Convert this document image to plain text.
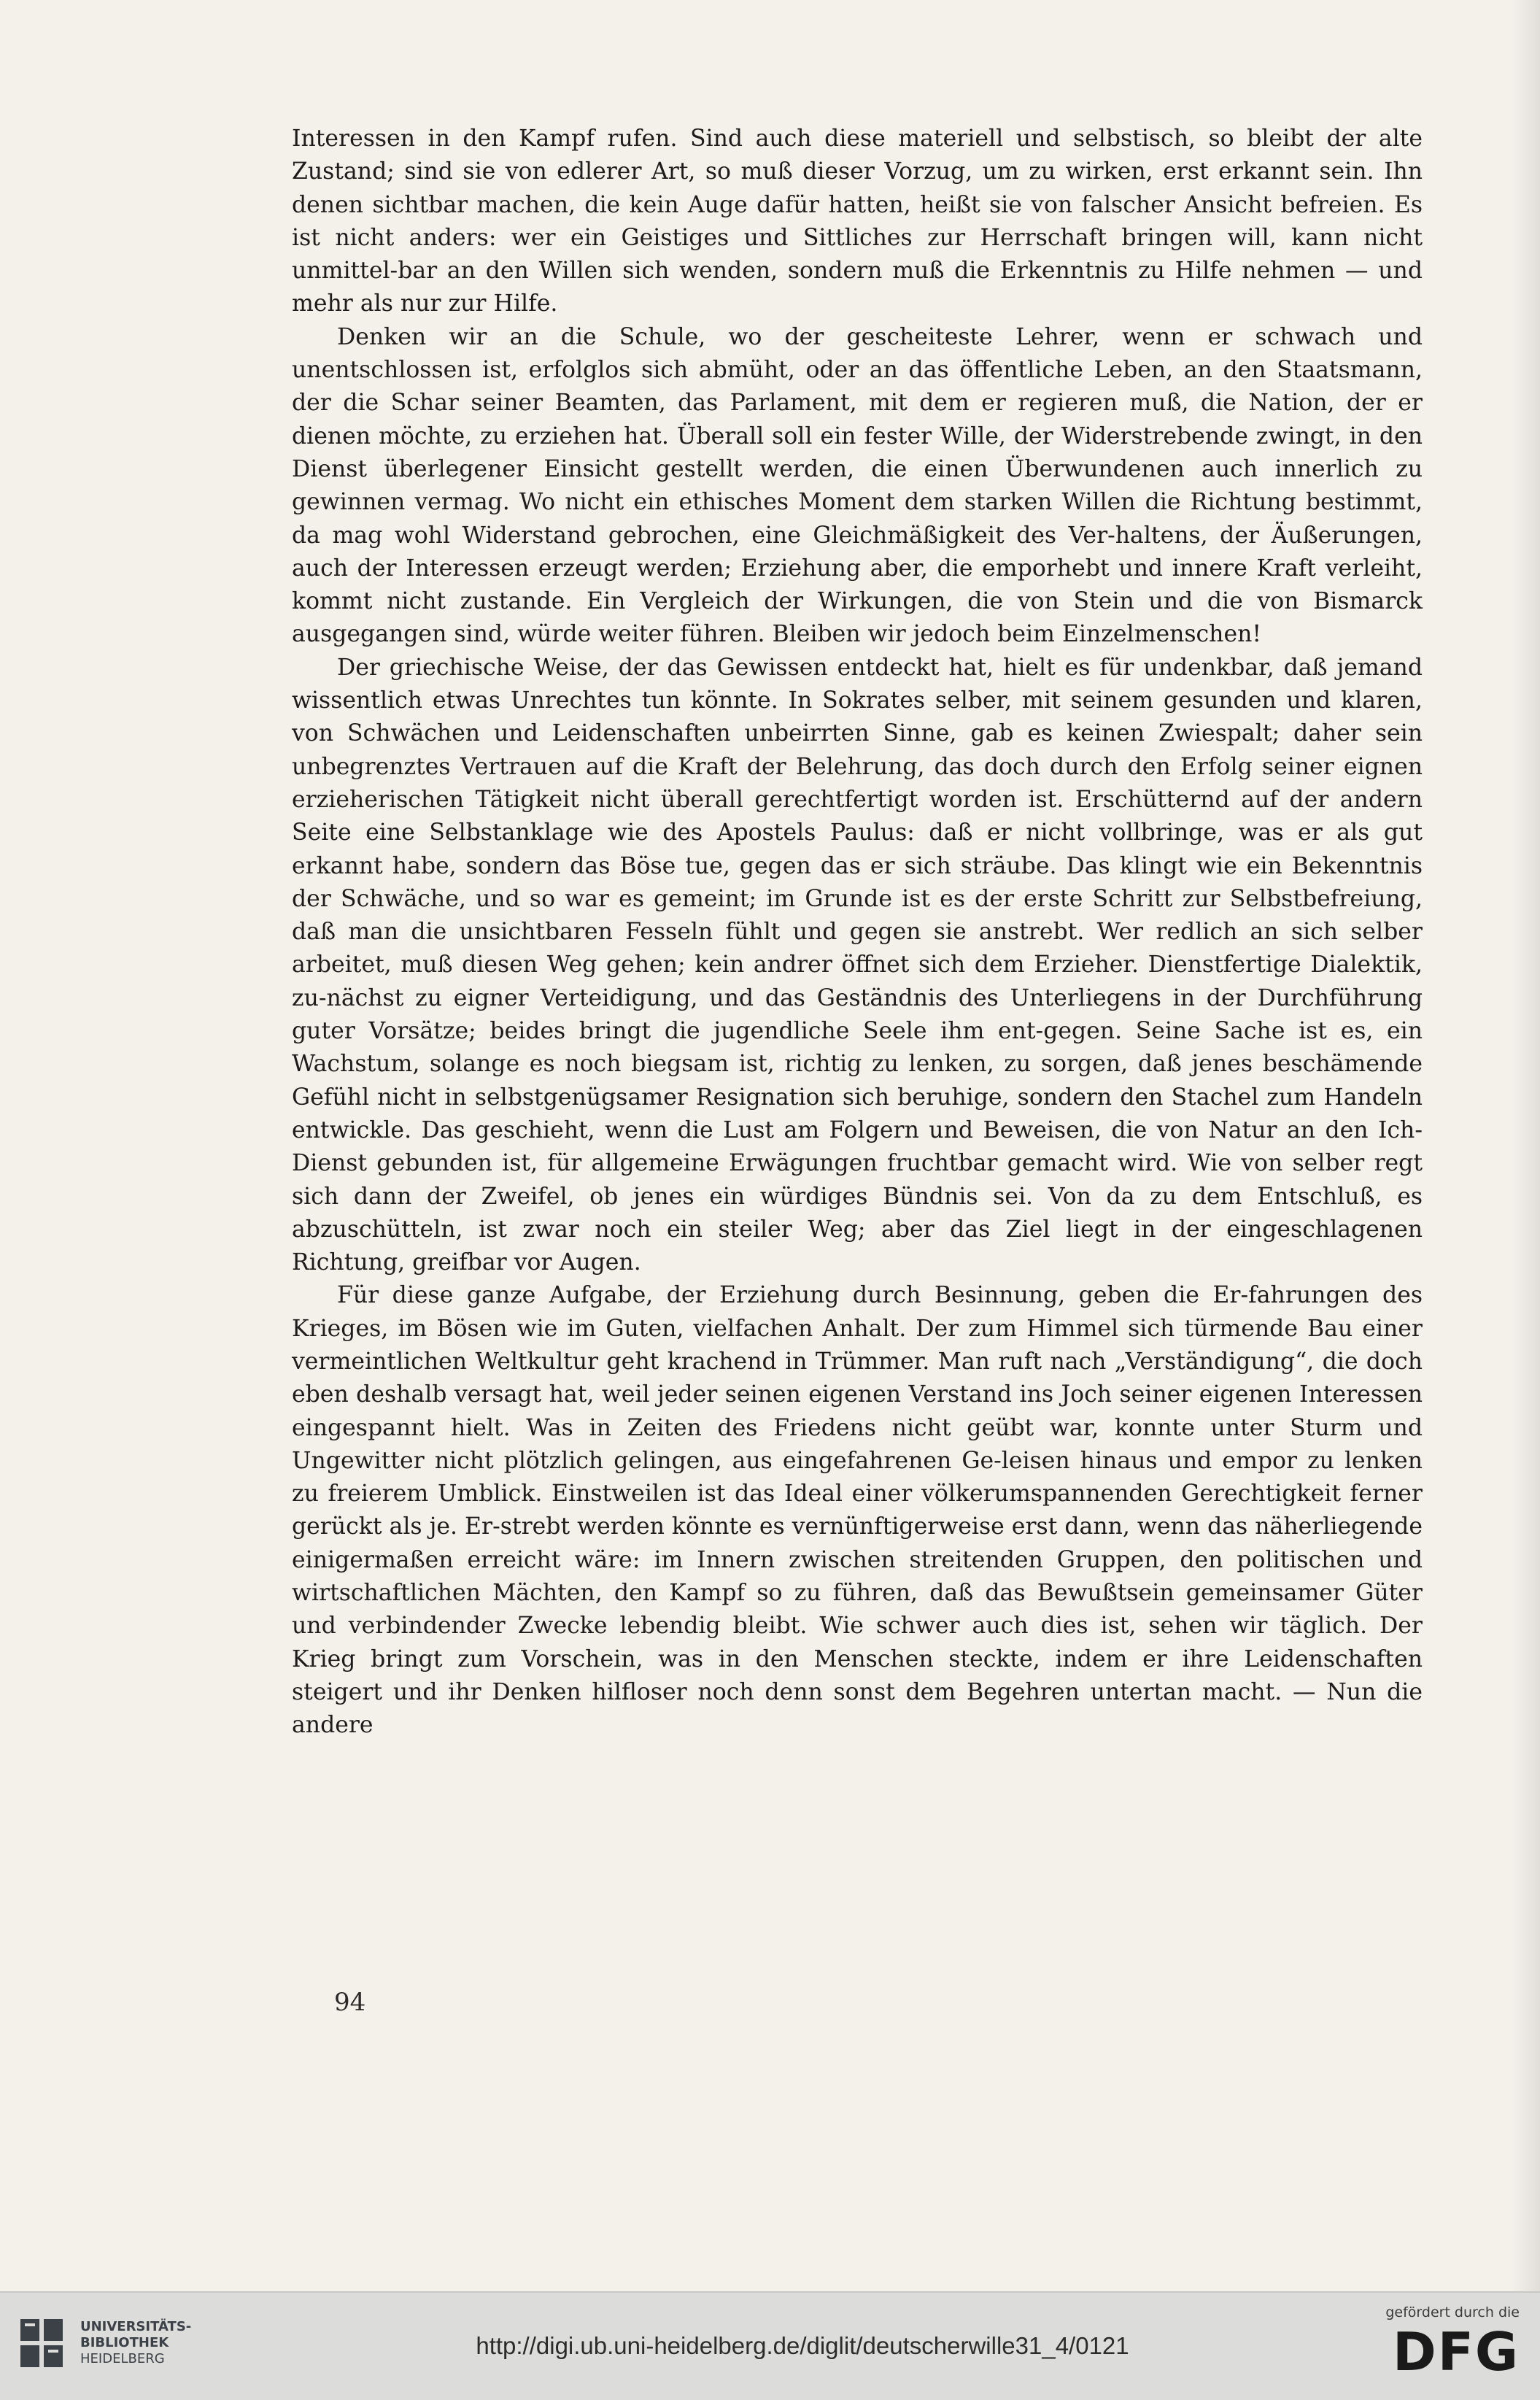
Interessen in den Kampf rufen. Sind auch diese materiell und selbstisch, so bleibt der alte Zustand; sind sie von edlerer Art, so muß dieser Vorzug, um zu wirken, erst erkannt sein. Ihn denen sichtbar machen, die kein Auge dafür hatten, heißt sie von falscher Ansicht befreien. Es ist nicht anders: wer ein Geistiges und Sittliches zur Herrschaft bringen will, kann nicht unmittel-bar an den Willen sich wenden, sondern muß die Erkenntnis zu Hilfe nehmen — und mehr als nur zur Hilfe.

Denken wir an die Schule, wo der gescheiteste Lehrer, wenn er schwach und unentschlossen ist, erfolglos sich abmüht, oder an das öffentliche Leben, an den Staatsmann, der die Schar seiner Beamten, das Parlament, mit dem er regieren muß, die Nation, der er dienen möchte, zu erziehen hat. Überall soll ein fester Wille, der Widerstrebende zwingt, in den Dienst überlegener Einsicht gestellt werden, die einen Überwundenen auch innerlich zu gewinnen vermag. Wo nicht ein ethisches Moment dem starken Willen die Richtung bestimmt, da mag wohl Widerstand gebrochen, eine Gleichmäßigkeit des Ver-haltens, der Äußerungen, auch der Interessen erzeugt werden; Erziehung aber, die emporhebt und innere Kraft verleiht, kommt nicht zustande. Ein Vergleich der Wirkungen, die von Stein und die von Bismarck ausgegangen sind, würde weiter führen. Bleiben wir jedoch beim Einzelmenschen!

Der griechische Weise, der das Gewissen entdeckt hat, hielt es für undenkbar, daß jemand wissentlich etwas Unrechtes tun könnte. In Sokrates selber, mit seinem gesunden und klaren, von Schwächen und Leidenschaften unbeirrten Sinne, gab es keinen Zwiespalt; daher sein unbegrenztes Vertrauen auf die Kraft der Belehrung, das doch durch den Erfolg seiner eignen erzieherischen Tätigkeit nicht überall gerechtfertigt worden ist. Erschütternd auf der andern Seite eine Selbstanklage wie des Apostels Paulus: daß er nicht vollbringe, was er als gut erkannt habe, sondern das Böse tue, gegen das er sich sträube. Das klingt wie ein Bekenntnis der Schwäche, und so war es gemeint; im Grunde ist es der erste Schritt zur Selbstbefreiung, daß man die unsichtbaren Fesseln fühlt und gegen sie anstrebt. Wer redlich an sich selber arbeitet, muß diesen Weg gehen; kein andrer öffnet sich dem Erzieher. Dienstfertige Dialektik, zu-nächst zu eigner Verteidigung, und das Geständnis des Unterliegens in der Durchführung guter Vorsätze; beides bringt die jugendliche Seele ihm ent-gegen. Seine Sache ist es, ein Wachstum, solange es noch biegsam ist, richtig zu lenken, zu sorgen, daß jenes beschämende Gefühl nicht in selbstgenügsamer Resignation sich beruhige, sondern den Stachel zum Handeln entwickle. Das geschieht, wenn die Lust am Folgern und Beweisen, die von Natur an den Ich-Dienst gebunden ist, für allgemeine Erwägungen fruchtbar gemacht wird. Wie von selber regt sich dann der Zweifel, ob jenes ein würdiges Bündnis sei. Von da zu dem Entschluß, es abzuschütteln, ist zwar noch ein steiler Weg; aber das Ziel liegt in der eingeschlagenen Richtung, greifbar vor Augen.

Für diese ganze Aufgabe, der Erziehung durch Besinnung, geben die Er-fahrungen des Krieges, im Bösen wie im Guten, vielfachen Anhalt. Der zum Himmel sich türmende Bau einer vermeintlichen Weltkultur geht krachend in Trümmer. Man ruft nach „Verständigung“, die doch eben deshalb versagt hat, weil jeder seinen eigenen Verstand ins Joch seiner eigenen Interessen eingespannt hielt. Was in Zeiten des Friedens nicht geübt war, konnte unter Sturm und Ungewitter nicht plötzlich gelingen, aus eingefahrenen Ge-leisen hinaus und empor zu lenken zu freierem Umblick. Einstweilen ist das Ideal einer völkerumspannenden Gerechtigkeit ferner gerückt als je. Er-strebt werden könnte es vernünftigerweise erst dann, wenn das näherliegende einigermaßen erreicht wäre: im Innern zwischen streitenden Gruppen, den politischen und wirtschaftlichen Mächten, den Kampf so zu führen, daß das Bewußtsein gemeinsamer Güter und verbindender Zwecke lebendig bleibt. Wie schwer auch dies ist, sehen wir täglich. Der Krieg bringt zum Vorschein, was in den Menschen steckte, indem er ihre Leidenschaften steigert und ihr Denken hilfloser noch denn sonst dem Begehren untertan macht. — Nun die andere

94
UNIVERSITÄTS-
BIBLIOTHEK
HEIDELBERG	http://digi.ub.uni-heidelberg.de/diglit/deutscherwille31_4/0121
gefördert durch die
DFG
